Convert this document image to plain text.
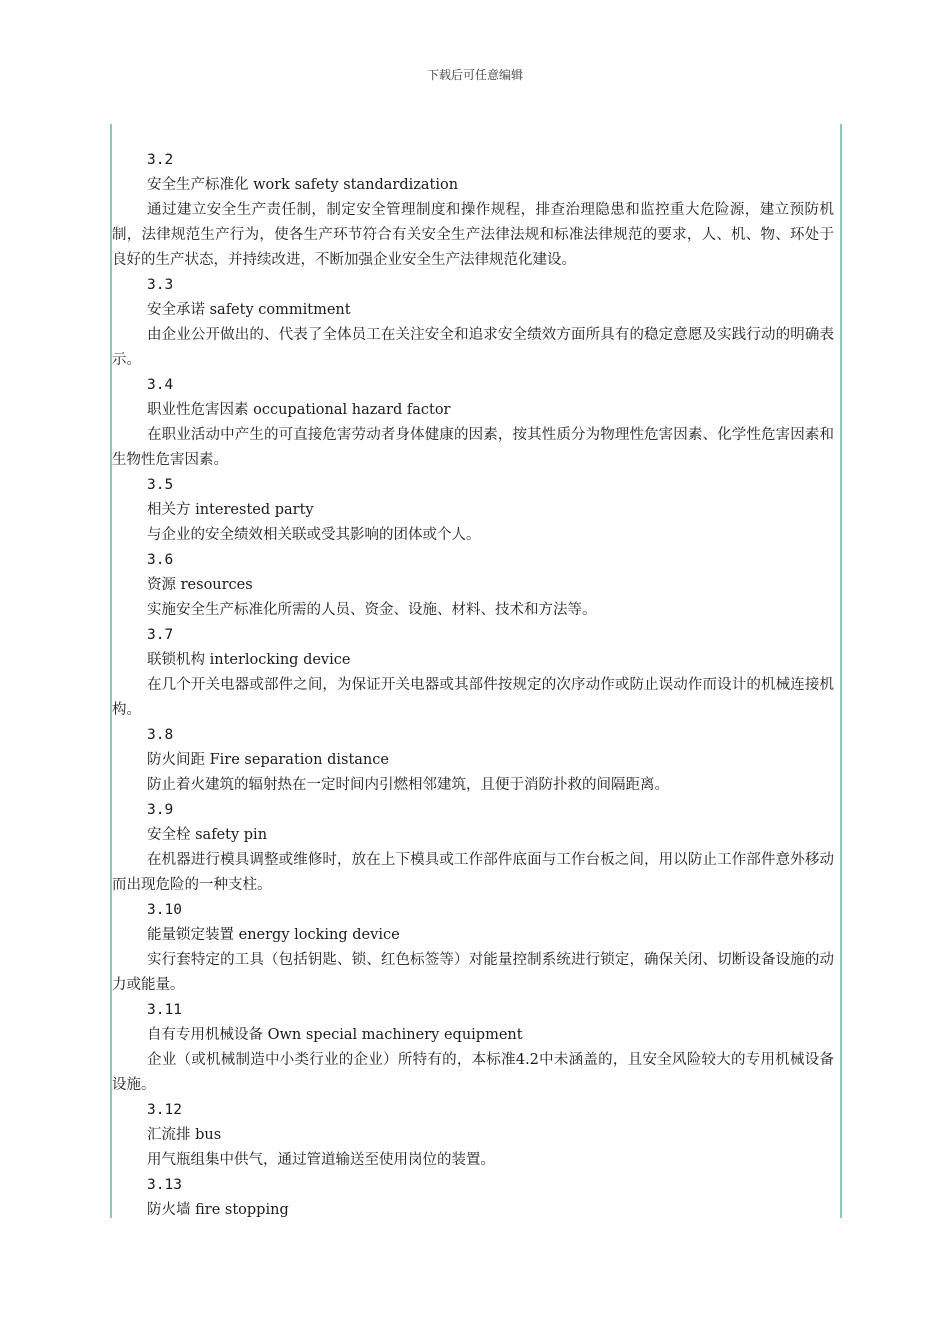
下载后可任意编辑

3.2

安全生产标准化 work safety standardization

通过建立安全生产责任制，制定安全管理制度和操作规程，排查治理隐患和监控重大危险源，建立预防机制，法律规范生产行为，使各生产环节符合有关安全生产法律法规和标准法律规范的要求，人、机、物、环处于良好的生产状态，并持续改进，不断加强企业安全生产法律规范化建设。

3.3

安全承诺 safety commitment

由企业公开做出的、代表了全体员工在关注安全和追求安全绩效方面所具有的稳定意愿及实践行动的明确表示。

3.4

职业性危害因素 occupational hazard factor

在职业活动中产生的可直接危害劳动者身体健康的因素，按其性质分为物理性危害因素、化学性危害因素和生物性危害因素。

3.5

相关方 interested party

与企业的安全绩效相关联或受其影响的团体或个人。

3.6

资源 resources

实施安全生产标准化所需的人员、资金、设施、材料、技术和方法等。

3.7

联锁机构 interlocking device

在几个开关电器或部件之间，为保证开关电器或其部件按规定的次序动作或防止误动作而设计的机械连接机构。

3.8

防火间距 Fire separation distance

防止着火建筑的辐射热在一定时间内引燃相邻建筑，且便于消防扑救的间隔距离。

3.9

安全栓 safety pin

在机器进行模具调整或维修时，放在上下模具或工作部件底面与工作台板之间，用以防止工作部件意外移动而出现危险的一种支柱。

3.10

能量锁定装置 energy locking device

实行套特定的工具（包括钥匙、锁、红色标签等）对能量控制系统进行锁定，确保关闭、切断设备设施的动力或能量。

3.11

自有专用机械设备 Own special machinery equipment

企业（或机械制造中小类行业的企业）所特有的，本标准4.2中未涵盖的，且安全风险较大的专用机械设备设施。

3.12

汇流排 bus

用气瓶组集中供气，通过管道输送至使用岗位的装置。

3.13

防火墙 fire stopping
